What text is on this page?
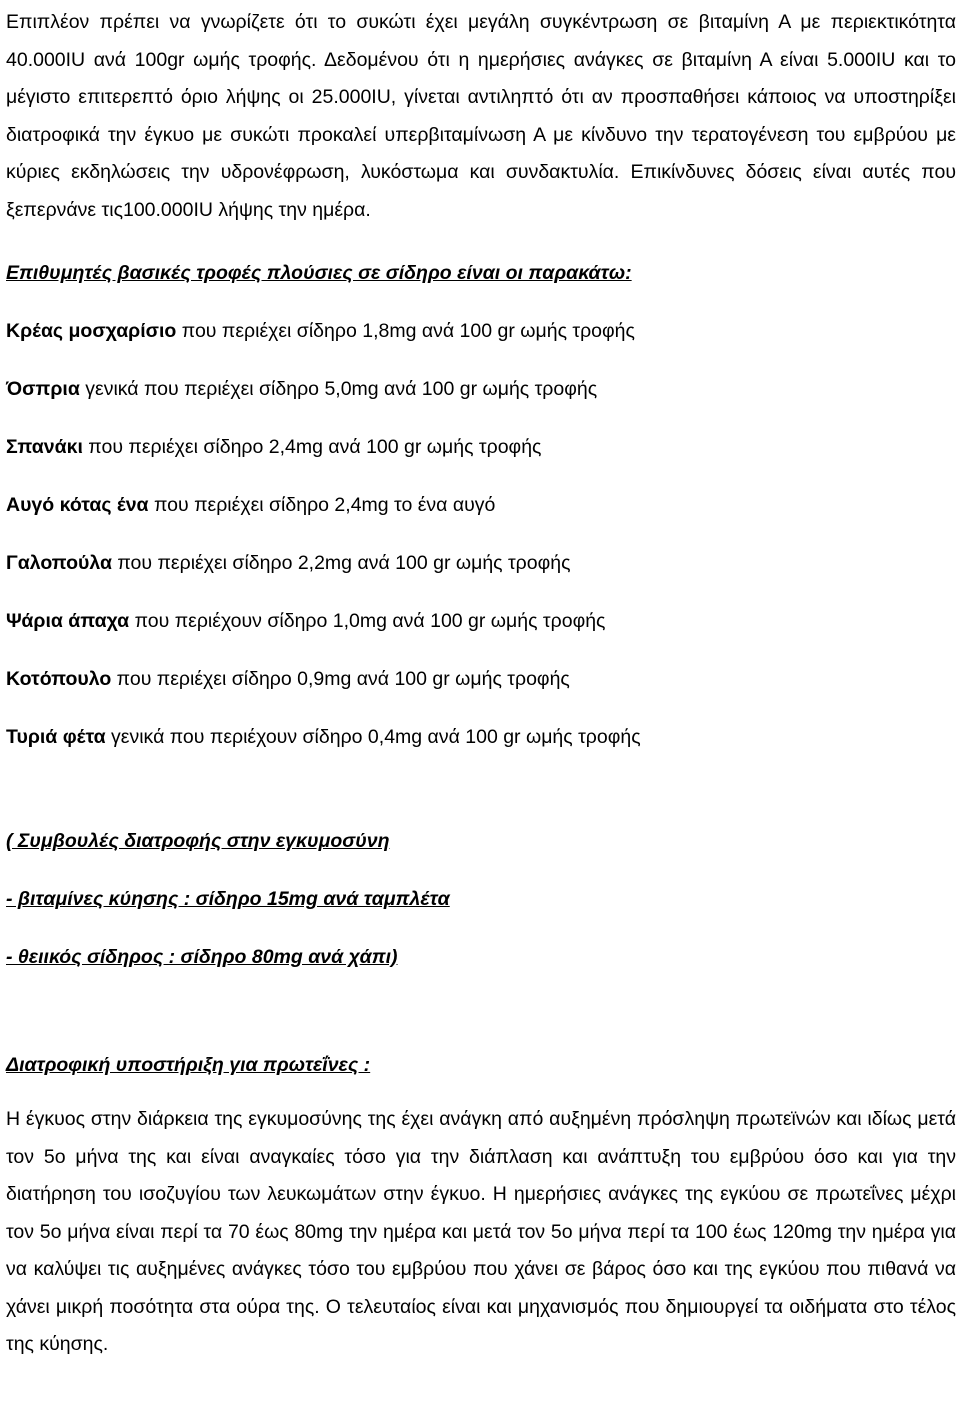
Επιπλέον πρέπει να γνωρίζετε ότι το συκώτι έχει μεγάλη συγκέντρωση σε βιταμίνη Α με περιεκτικότητα 40.000IU ανά 100gr ωμής τροφής. Δεδομένου ότι η ημερήσιες ανάγκες σε βιταμίνη Α είναι 5.000IU και το μέγιστο επιτερεπτό όριο λήψης οι 25.000IU, γίνεται αντιληπτό ότι αν προσπαθήσει κάποιος να υποστηρίξει διατροφικά την έγκυο με συκώτι προκαλεί υπερβιταμίνωση Α με κίνδυνο την τερατογένεση του εμβρύου με κύριες εκδηλώσεις την υδρονέφρωση, λυκόστωμα και συνδακτυλία. Επικίνδυνες δόσεις είναι αυτές που ξεπερνάνε τις100.000IU λήψης την ημέρα.

Επιθυμητές βασικές τροφές πλούσιες σε σίδηρο είναι οι παρακάτω:

Κρέας μοσχαρίσιο που περιέχει σίδηρο 1,8mg ανά 100 gr ωμής τροφής
Όσπρια γενικά που περιέχει σίδηρο 5,0mg ανά 100 gr ωμής τροφής
Σπανάκι που περιέχει σίδηρο 2,4mg ανά 100 gr ωμής τροφής
Αυγό κότας ένα που περιέχει σίδηρο 2,4mg το ένα αυγό
Γαλοπούλα που περιέχει σίδηρο 2,2mg ανά 100 gr ωμής τροφής
Ψάρια άπαχα που περιέχουν σίδηρο 1,0mg ανά 100 gr ωμής τροφής
Κοτόπουλο που περιέχει σίδηρο 0,9mg ανά 100 gr ωμής τροφής
Τυριά φέτα γενικά που περιέχουν σίδηρο 0,4mg ανά 100 gr ωμής τροφής

( Συμβουλές διατροφής στην εγκυμοσύνη

- βιταμίνες κύησης : σίδηρο 15mg ανά ταμπλέτα

- θειικός σίδηρος : σίδηρο 80mg ανά χάπι)

Διατροφική υποστήριξη για πρωτεΐνες :

Η έγκυος στην διάρκεια της εγκυμοσύνης της έχει ανάγκη από αυξημένη πρόσληψη πρωτεϊνών και ιδίως μετά τον 5ο μήνα της και είναι αναγκαίες τόσο για την διάπλαση και ανάπτυξη του εμβρύου όσο και για την διατήρηση του ισοζυγίου των λευκωμάτων στην έγκυο. Η ημερήσιες ανάγκες της εγκύου σε πρωτεΐνες μέχρι τον 5ο μήνα είναι περί τα 70 έως 80mg την ημέρα και μετά τον 5ο μήνα περί τα 100 έως 120mg την ημέρα για να καλύψει τις αυξημένες ανάγκες τόσο του εμβρύου που χάνει σε βάρος όσο και της εγκύου που πιθανά να χάνει μικρή ποσότητα στα ούρα της. Ο τελευταίος είναι και μηχανισμός που δημιουργεί τα οιδήματα στο τέλος της κύησης.
